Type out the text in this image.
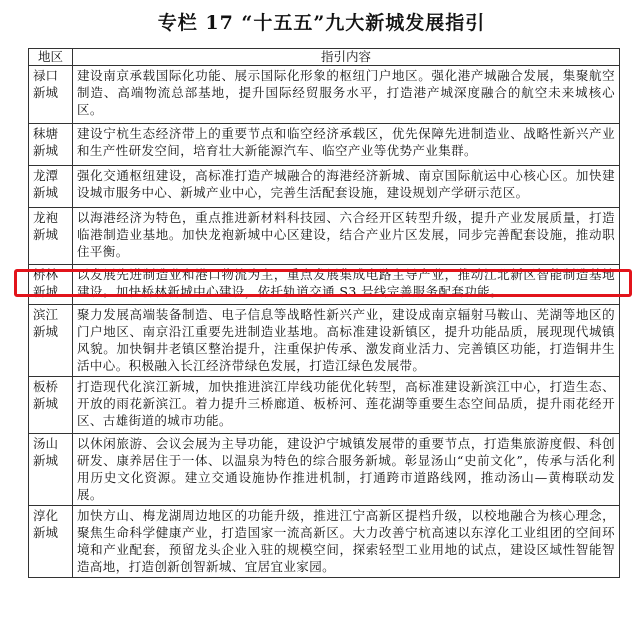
专栏 17 “十五五”九大新城发展指引
地区	指引内容
禄口新城	建设南京承载国际化功能、展示国际化形象的枢纽门户地区。强化港产城融合发展，集聚航空制造、高端物流总部基地，提升国际经贸服务水平，打造港产城深度融合的航空未来城核心区。
秣塘新城	建设宁杭生态经济带上的重要节点和临空经济承载区，优先保障先进制造业、战略性新兴产业和生产性研发空间，培育壮大新能源汽车、临空产业等优势产业集群。
龙潭新城	强化交通枢纽建设，高标准打造产城融合的海港经济新城、南京国际航运中心核心区。加快建设城市服务中心、新城产业中心，完善生活配套设施，建设规划产学研示范区。
龙袍新城	以海港经济为特色，重点推进新材料科技园、六合经开区转型升级，提升产业发展质量，打造临港制造业基地。加快龙袍新城中心区建设，结合产业片区发展，同步完善配套设施，推动职住平衡。
桥林新城	以发展先进制造业和港口物流为主，重点发展集成电路主导产业，推动江北新区智能制造基地建设。加快桥林新城中心建设，依托轨道交通 S3 号线完善服务配套功能。
滨江新城	聚力发展高端装备制造、电子信息等战略性新兴产业，建设成南京辐射马鞍山、芜湖等地区的门户地区、南京沿江重要先进制造业基地。高标准建设新镇区，提升功能品质，展现现代城镇风貌。加快铜井老镇区整治提升，注重保护传承、激发商业活力、完善镇区功能，打造铜井生活中心。积极融入长江经济带绿色发展，打造江绿色发展带。
板桥新城	打造现代化滨江新城，加快推进滨江岸线功能优化转型，高标准建设新滨江中心，打造生态、开放的雨花新滨江。着力提升三桥廊道、板桥河、莲花湖等重要生态空间品质，提升雨花经开区、古雄街道的城市功能。
汤山新城	以休闲旅游、会议会展为主导功能，建设沪宁城镇发展带的重要节点，打造集旅游度假、科创研发、康养居住于一体、以温泉为特色的综合服务新城。彰显汤山“史前文化”，传承与活化利用历史文化资源。建立交通设施协作推进机制，打通跨市道路线网，推动汤山—黄梅联动发展。
淳化新城	加快方山、梅龙湖周边地区的功能升级，推进江宁高新区提档升级，以校地融合为核心理念，聚焦生命科学健康产业，打造国家一流高新区。大力改善宁杭高速以东淳化工业组团的空间环境和产业配套，预留龙头企业入驻的规模空间，探索轻型工业用地的试点，建设区域性智能智造高地，打造创新创智新城、宜居宜业家园。
